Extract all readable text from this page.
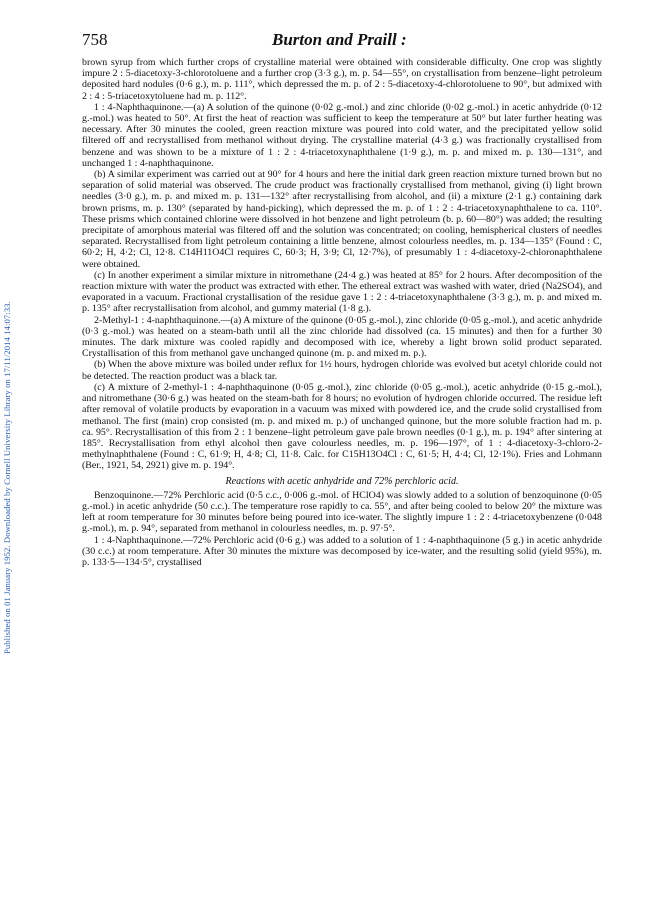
Published on 01 January 1952. Downloaded by Cornell University Library on 17/11/2014 14:07:33.
758	Burton and Praill :

brown syrup from which further crops of crystalline material were obtained with considerable difficulty. One crop was slightly impure 2 : 5-diacetoxy-3-chlorotoluene and a further crop (3·3 g.), m. p. 54—55°, on crystallisation from benzene–light petroleum deposited hard nodules (0·6 g.), m. p. 111°, which depressed the m. p. of 2 : 5-diacetoxy-4-chlorotoluene to 90°, but admixed with 2 : 4 : 5-triacetoxytoluene had m. p. 112°.

1 : 4-Naphthaquinone.—(a) A solution of the quinone (0·02 g.-mol.) and zinc chloride (0·02 g.-mol.) in acetic anhydride (0·12 g.-mol.) was heated to 50°. At first the heat of reaction was sufficient to keep the temperature at 50° but later further heating was necessary. After 30 minutes the cooled, green reaction mixture was poured into cold water, and the precipitated yellow solid filtered off and recrystallised from methanol without drying. The crystalline material (4·3 g.) was fractionally crystallised from benzene and was shown to be a mixture of 1 : 2 : 4-triacetoxynaphthalene (1·9 g.), m. p. and mixed m. p. 130—131°, and unchanged 1 : 4-naphthaquinone.

(b) A similar experiment was carried out at 90° for 4 hours and here the initial dark green reaction mixture turned brown but no separation of solid material was observed. The crude product was fractionally crystallised from methanol, giving (i) light brown needles (3·0 g.), m. p. and mixed m. p. 131—132° after recrystallising from alcohol, and (ii) a mixture (2·1 g.) containing dark brown prisms, m. p. 130° (separated by hand-picking), which depressed the m. p. of 1 : 2 : 4-triacetoxynaphthalene to ca. 110°. These prisms which contained chlorine were dissolved in hot benzene and light petroleum (b. p. 60—80°) was added; the resulting precipitate of amorphous material was filtered off and the solution was concentrated; on cooling, hemispherical clusters of needles separated. Recrystallised from light petroleum containing a little benzene, almost colourless needles, m. p. 134—135° (Found : C, 60·2; H, 4·2; Cl, 12·8. C14H11O4Cl requires C, 60·3; H, 3·9; Cl, 12·7%), of presumably 1 : 4-diacetoxy-2-chloronaphthalene were obtained.

(c) In another experiment a similar mixture in nitromethane (24·4 g.) was heated at 85° for 2 hours. After decomposition of the reaction mixture with water the product was extracted with ether. The ethereal extract was washed with water, dried (Na2SO4), and evaporated in a vacuum. Fractional crystallisation of the residue gave 1 : 2 : 4-triacetoxynaphthalene (3·3 g.), m. p. and mixed m. p. 135° after recrystallisation from alcohol, and gummy material (1·8 g.).

2-Methyl-1 : 4-naphthaquinone.—(a) A mixture of the quinone (0·05 g.-mol.), zinc chloride (0·05 g.-mol.), and acetic anhydride (0·3 g.-mol.) was heated on a steam-bath until all the zinc chloride had dissolved (ca. 15 minutes) and then for a further 30 minutes. The dark mixture was cooled rapidly and decomposed with ice, whereby a light brown solid product separated. Crystallisation of this from methanol gave unchanged quinone (m. p. and mixed m. p.).

(b) When the above mixture was boiled under reflux for 1½ hours, hydrogen chloride was evolved but acetyl chloride could not be detected. The reaction product was a black tar.

(c) A mixture of 2-methyl-1 : 4-naphthaquinone (0·05 g.-mol.), zinc chloride (0·05 g.-mol.), acetic anhydride (0·15 g.-mol.), and nitromethane (30·6 g.) was heated on the steam-bath for 8 hours; no evolution of hydrogen chloride occurred. The residue left after removal of volatile products by evaporation in a vacuum was mixed with powdered ice, and the crude solid crystallised from methanol. The first (main) crop consisted (m. p. and mixed m. p.) of unchanged quinone, but the more soluble fraction had m. p. ca. 95°. Recrystallisation of this from 2 : 1 benzene–light petroleum gave pale brown needles (0·1 g.), m. p. 194° after sintering at 185°. Recrystallisation from ethyl alcohol then gave colourless needles, m. p. 196—197°, of 1 : 4-diacetoxy-3-chloro-2-methylnaphthalene (Found : C, 61·9; H, 4·8; Cl, 11·8. Calc. for C15H13O4Cl : C, 61·5; H, 4·4; Cl, 12·1%). Fries and Lohmann (Ber., 1921, 54, 2921) give m. p. 194°.

Reactions with acetic anhydride and 72% perchloric acid.

Benzoquinone.—72% Perchloric acid (0·5 c.c., 0·006 g.-mol. of HClO4) was slowly added to a solution of benzoquinone (0·05 g.-mol.) in acetic anhydride (50 c.c.). The temperature rose rapidly to ca. 55°, and after being cooled to below 20° the mixture was left at room temperature for 30 minutes before being poured into ice-water. The slightly impure 1 : 2 : 4-triacetoxybenzene (0·048 g.-mol.), m. p. 94°, separated from methanol in colourless needles, m. p. 97·5°.

1 : 4-Naphthaquinone.—72% Perchloric acid (0·6 g.) was added to a solution of 1 : 4-naphthaquinone (5 g.) in acetic anhydride (30 c.c.) at room temperature. After 30 minutes the mixture was decomposed by ice-water, and the resulting solid (yield 95%), m. p. 133·5—134·5°, crystallised
